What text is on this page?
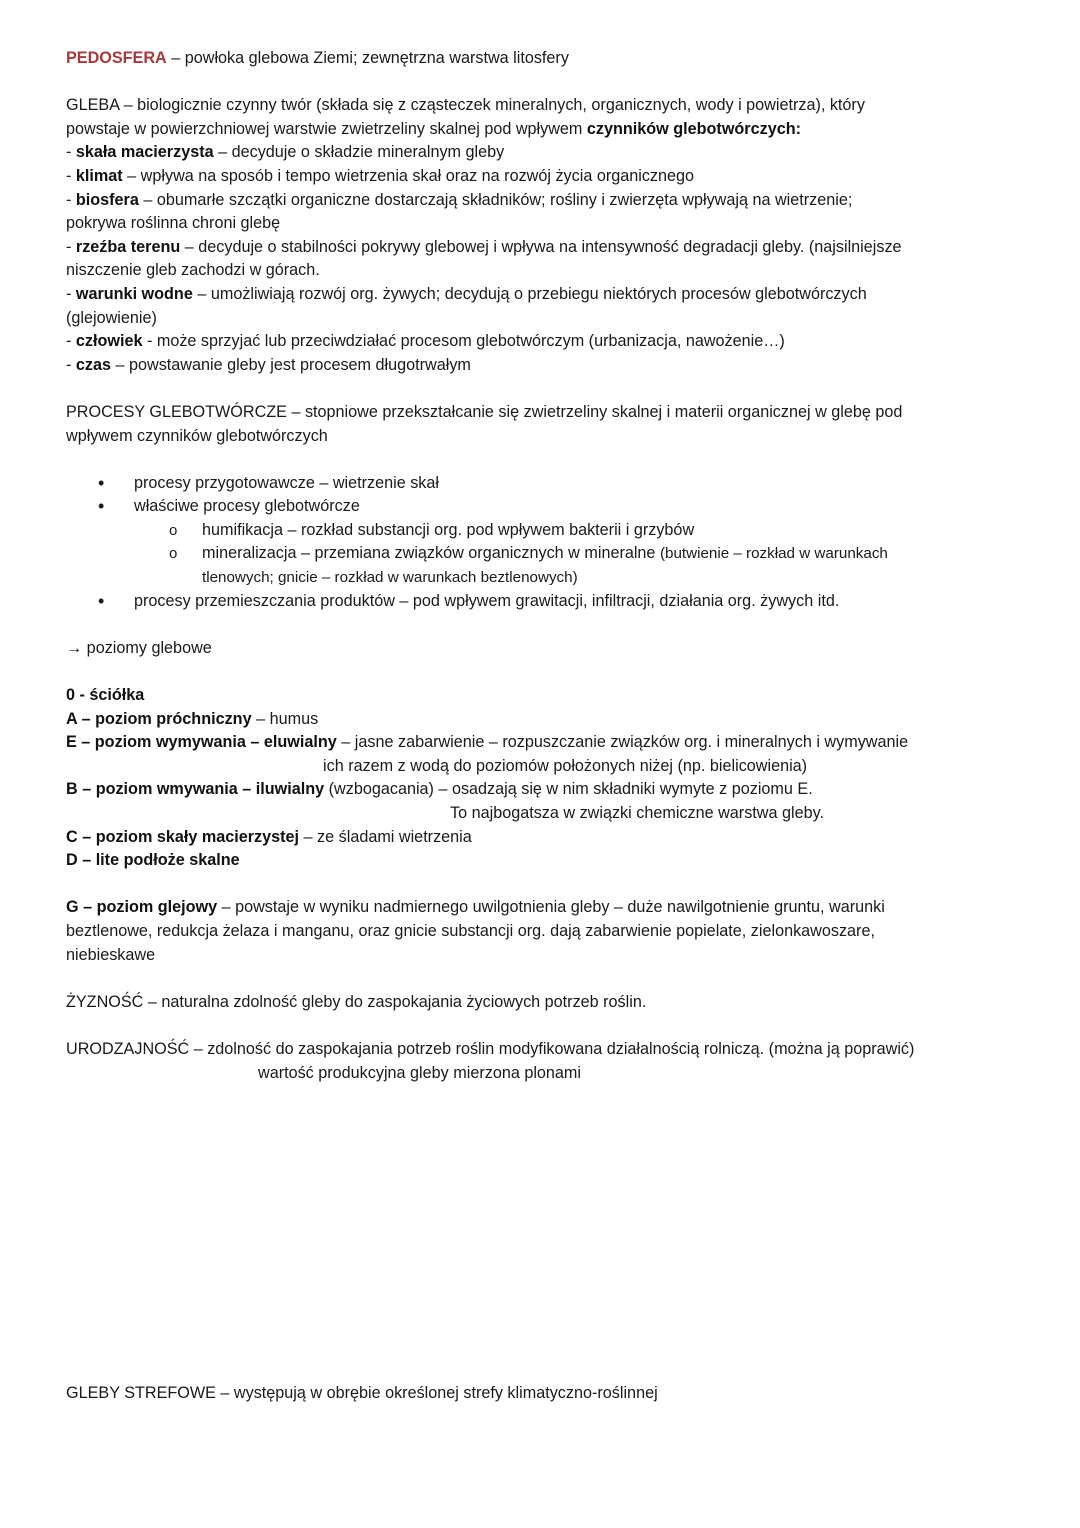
PEDOSFERA – powłoka glebowa Ziemi; zewnętrzna warstwa litosfery

GLEBA – biologicznie czynny twór (składa się z cząsteczek mineralnych, organicznych, wody i powietrza), który

powstaje w powierzchniowej warstwie zwietrzeliny skalnej pod wpływem czynników glebotwórczych:

- skała macierzysta – decyduje o składzie mineralnym gleby

- klimat – wpływa na sposób i tempo wietrzenia skał oraz na rozwój życia organicznego

- biosfera – obumarłe szczątki organiczne dostarczają składników; rośliny i zwierzęta wpływają na wietrzenie;

pokrywa roślinna chroni glebę

- rzeźba terenu – decyduje o stabilności pokrywy glebowej i wpływa na intensywność degradacji gleby. (najsilniejsze

niszczenie gleb zachodzi w górach.

- warunki wodne – umożliwiają rozwój org. żywych; decydują o przebiegu niektórych procesów glebotwórczych

(glejowienie)

- człowiek - może sprzyjać lub przeciwdziałać procesom glebotwórczym (urbanizacja, nawożenie…)

- czas – powstawanie gleby jest procesem długotrwałym

PROCESY GLEBOTWÓRCZE – stopniowe przekształcanie się zwietrzeliny skalnej i materii organicznej w glebę pod

wpływem czynników glebotwórczych

• procesy przygotowawcze – wietrzenie skał
• właściwe procesy glebotwórcze
o humifikacja – rozkład substancji org. pod wpływem bakterii i grzybów
o mineralizacja – przemiana związków organicznych w mineralne (butwienie – rozkład w warunkach
tlenowych; gnicie – rozkład w warunkach beztlenowych)
• procesy przemieszczania produktów – pod wpływem grawitacji, infiltracji, działania org. żywych itd.

→ poziomy glebowe

0 - ściółka

A – poziom próchniczny – humus

E – poziom wymywania – eluwialny – jasne zabarwienie – rozpuszczanie związków org. i mineralnych i wymywanie

ich razem z wodą do poziomów położonych niżej (np. bielicowienia)

B – poziom wmywania – iluwialny (wzbogacania) – osadzają się w nim składniki wymyte z poziomu E.

To najbogatsza w związki chemiczne warstwa gleby.

C – poziom skały macierzystej – ze śladami wietrzenia

D – lite podłoże skalne

G – poziom glejowy – powstaje w wyniku nadmiernego uwilgotnienia gleby – duże nawilgotnienie gruntu, warunki

beztlenowe, redukcja żelaza i manganu, oraz gnicie substancji org. dają zabarwienie popielate, zielonkawoszare,

niebieskawe

ŻYZNOŚĆ – naturalna zdolność gleby do zaspokajania życiowych potrzeb roślin.

URODZAJNOŚĆ – zdolność do zaspokajania potrzeb roślin modyfikowana działalnością rolniczą. (można ją poprawić)

wartość produkcyjna gleby mierzona plonami

GLEBY STREFOWE – występują w obrębie określonej strefy klimatyczno-roślinnej
